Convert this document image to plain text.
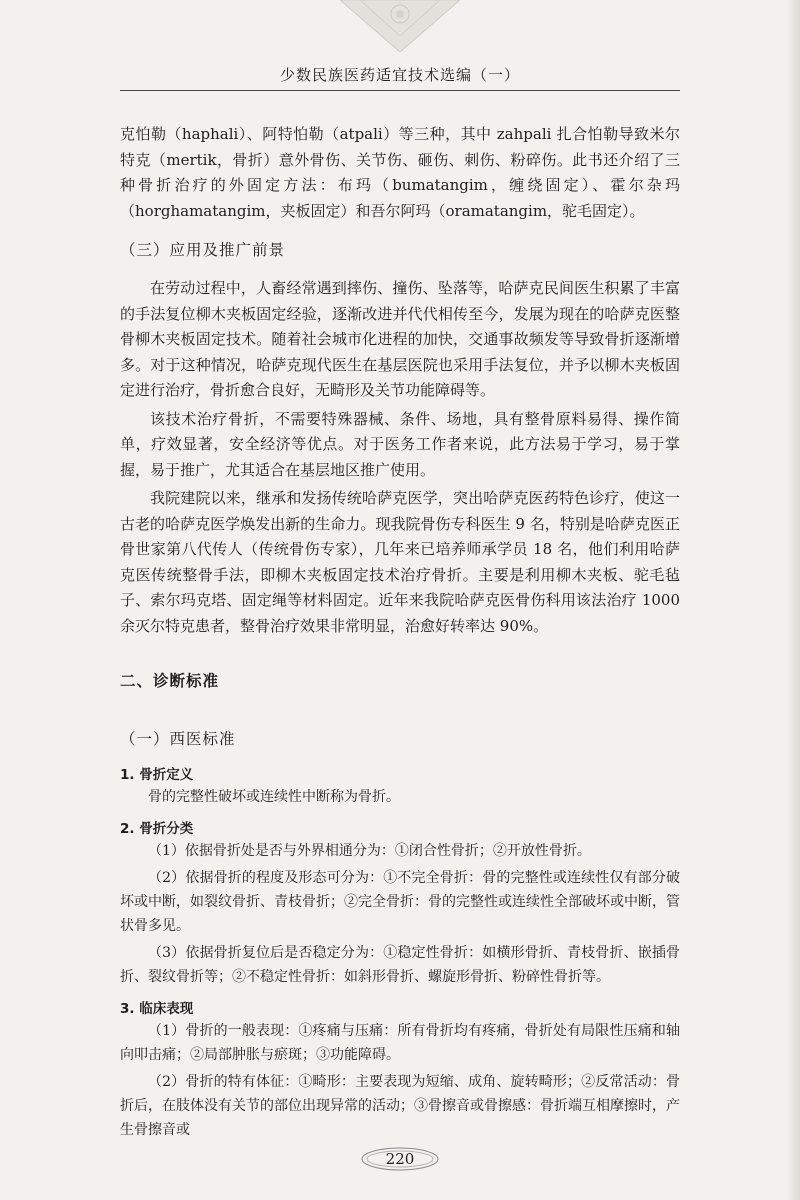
少数民族医药适宜技术选编（一）

克怕勒（haphali）、阿特怕勒（atpali）等三种，其中 zahpali 扎合怕勒导致米尔特克（mertik，骨折）意外骨伤、关节伤、砸伤、刺伤、粉碎伤。此书还介绍了三种骨折治疗的外固定方法：布玛（bumatangim，缠绕固定）、霍尔杂玛（horghamatangim，夹板固定）和吾尔阿玛（oramatangim，驼毛固定）。

（三）应用及推广前景

在劳动过程中，人畜经常遇到摔伤、撞伤、坠落等，哈萨克民间医生积累了丰富的手法复位柳木夹板固定经验，逐渐改进并代代相传至今，发展为现在的哈萨克医整骨柳木夹板固定技术。随着社会城市化进程的加快，交通事故频发等导致骨折逐渐增多。对于这种情况，哈萨克现代医生在基层医院也采用手法复位，并予以柳木夹板固定进行治疗，骨折愈合良好，无畸形及关节功能障碍等。

该技术治疗骨折，不需要特殊器械、条件、场地，具有整骨原料易得、操作简单，疗效显著，安全经济等优点。对于医务工作者来说，此方法易于学习，易于掌握，易于推广，尤其适合在基层地区推广使用。

我院建院以来，继承和发扬传统哈萨克医学，突出哈萨克医药特色诊疗，使这一古老的哈萨克医学焕发出新的生命力。现我院骨伤专科医生 9 名，特别是哈萨克医正骨世家第八代传人（传统骨伤专家），几年来已培养师承学员 18 名，他们利用哈萨克医传统整骨手法，即柳木夹板固定技术治疗骨折。主要是利用柳木夹板、驼毛毡子、索尔玛克塔、固定绳等材料固定。近年来我院哈萨克医骨伤科用该法治疗 1000 余灭尔特克患者，整骨治疗效果非常明显，治愈好转率达 90%。

二、诊断标准
（一）西医标准
1. 骨折定义

骨的完整性破坏或连续性中断称为骨折。

2. 骨折分类

（1）依据骨折处是否与外界相通分为：①闭合性骨折；②开放性骨折。

（2）依据骨折的程度及形态可分为：①不完全骨折：骨的完整性或连续性仅有部分破坏或中断，如裂纹骨折、青枝骨折；②完全骨折：骨的完整性或连续性全部破坏或中断，管状骨多见。

（3）依据骨折复位后是否稳定分为：①稳定性骨折：如横形骨折、青枝骨折、嵌插骨折、裂纹骨折等；②不稳定性骨折：如斜形骨折、螺旋形骨折、粉碎性骨折等。

3. 临床表现

（1）骨折的一般表现：①疼痛与压痛：所有骨折均有疼痛，骨折处有局限性压痛和轴向叩击痛；②局部肿胀与瘀斑；③功能障碍。

（2）骨折的特有体征：①畸形：主要表现为短缩、成角、旋转畸形；②反常活动：骨折后，在肢体没有关节的部位出现异常的活动；③骨擦音或骨擦感：骨折端互相摩擦时，产生骨擦音或

220
